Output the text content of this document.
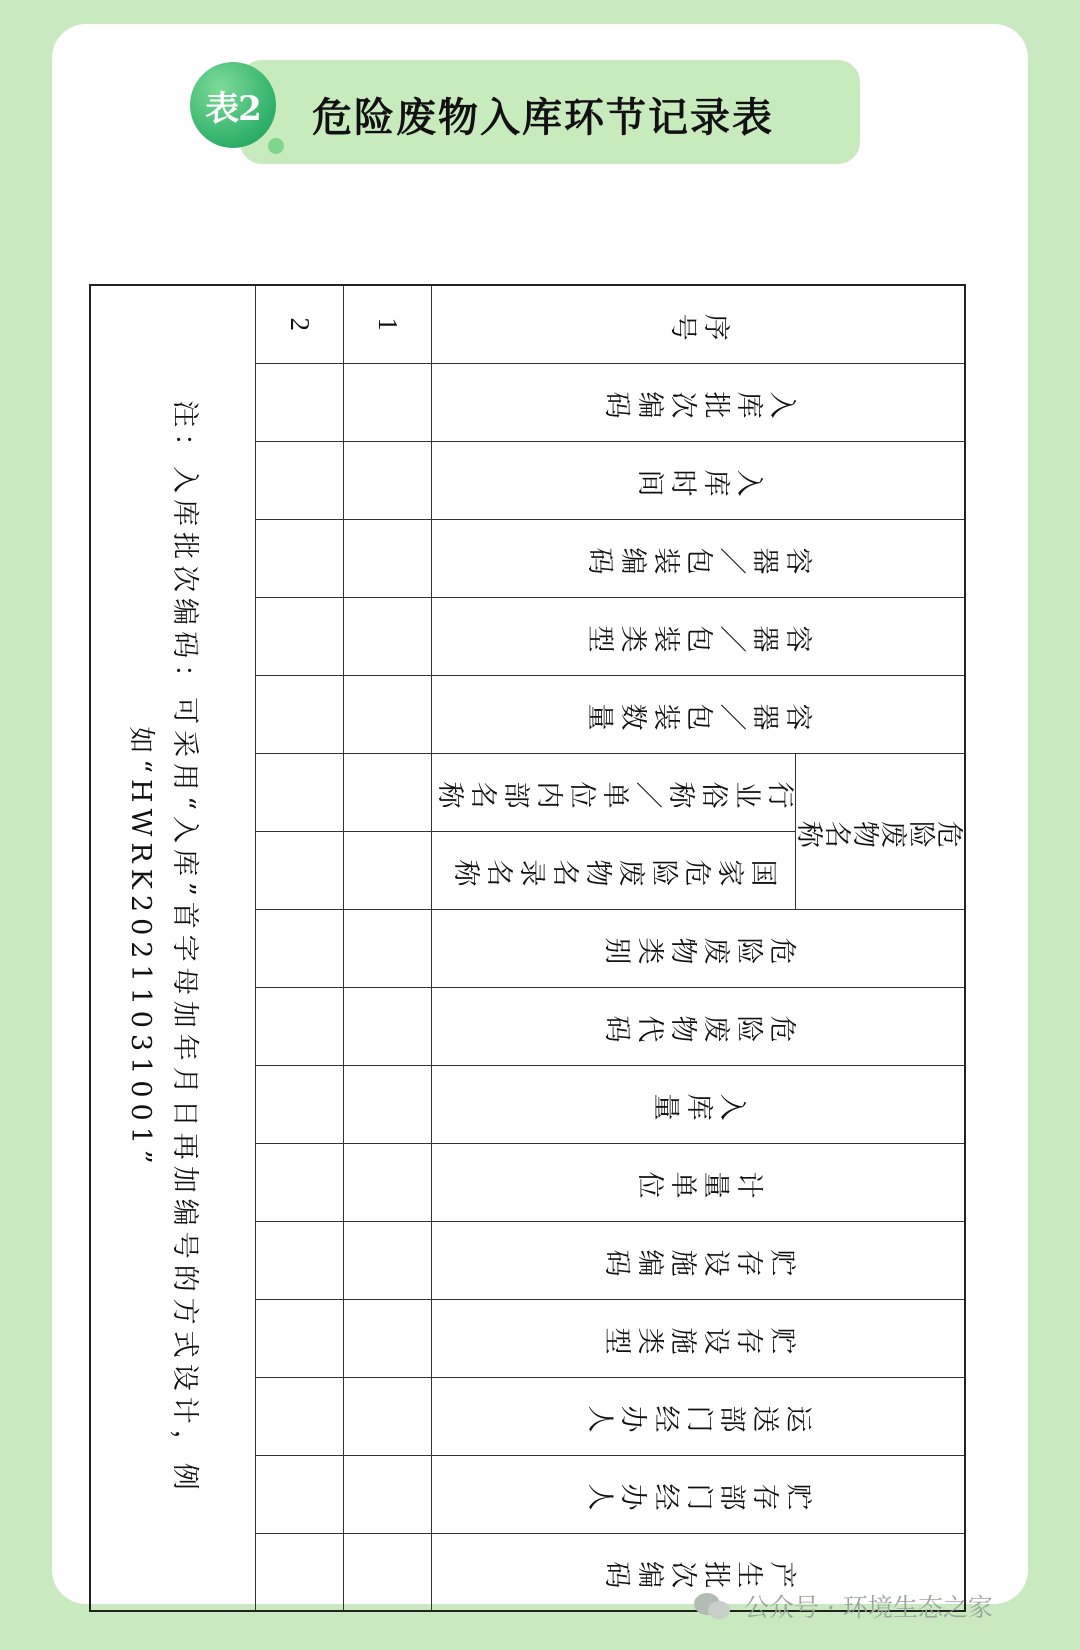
表2	危险废物入库环节记录表
序号	入库批次编码	入库时间	容器／包装编码	容器／包装类型	容器／包装数量	危险废物名称		危险废物类别	危险废物代码	入库量	计量单位	贮存设施编码	贮存设施类型	运送部门经办人	贮存部门经办人	产生批次编码
						行业俗称／单位内部名称	国家危险废物名录名称									
1																
2																
注：入库批次编码：可采用“入库”首字母加年月日再加编号的方式设计，例如“HWRK20211031001”																
公众号 · 环境生态之家
